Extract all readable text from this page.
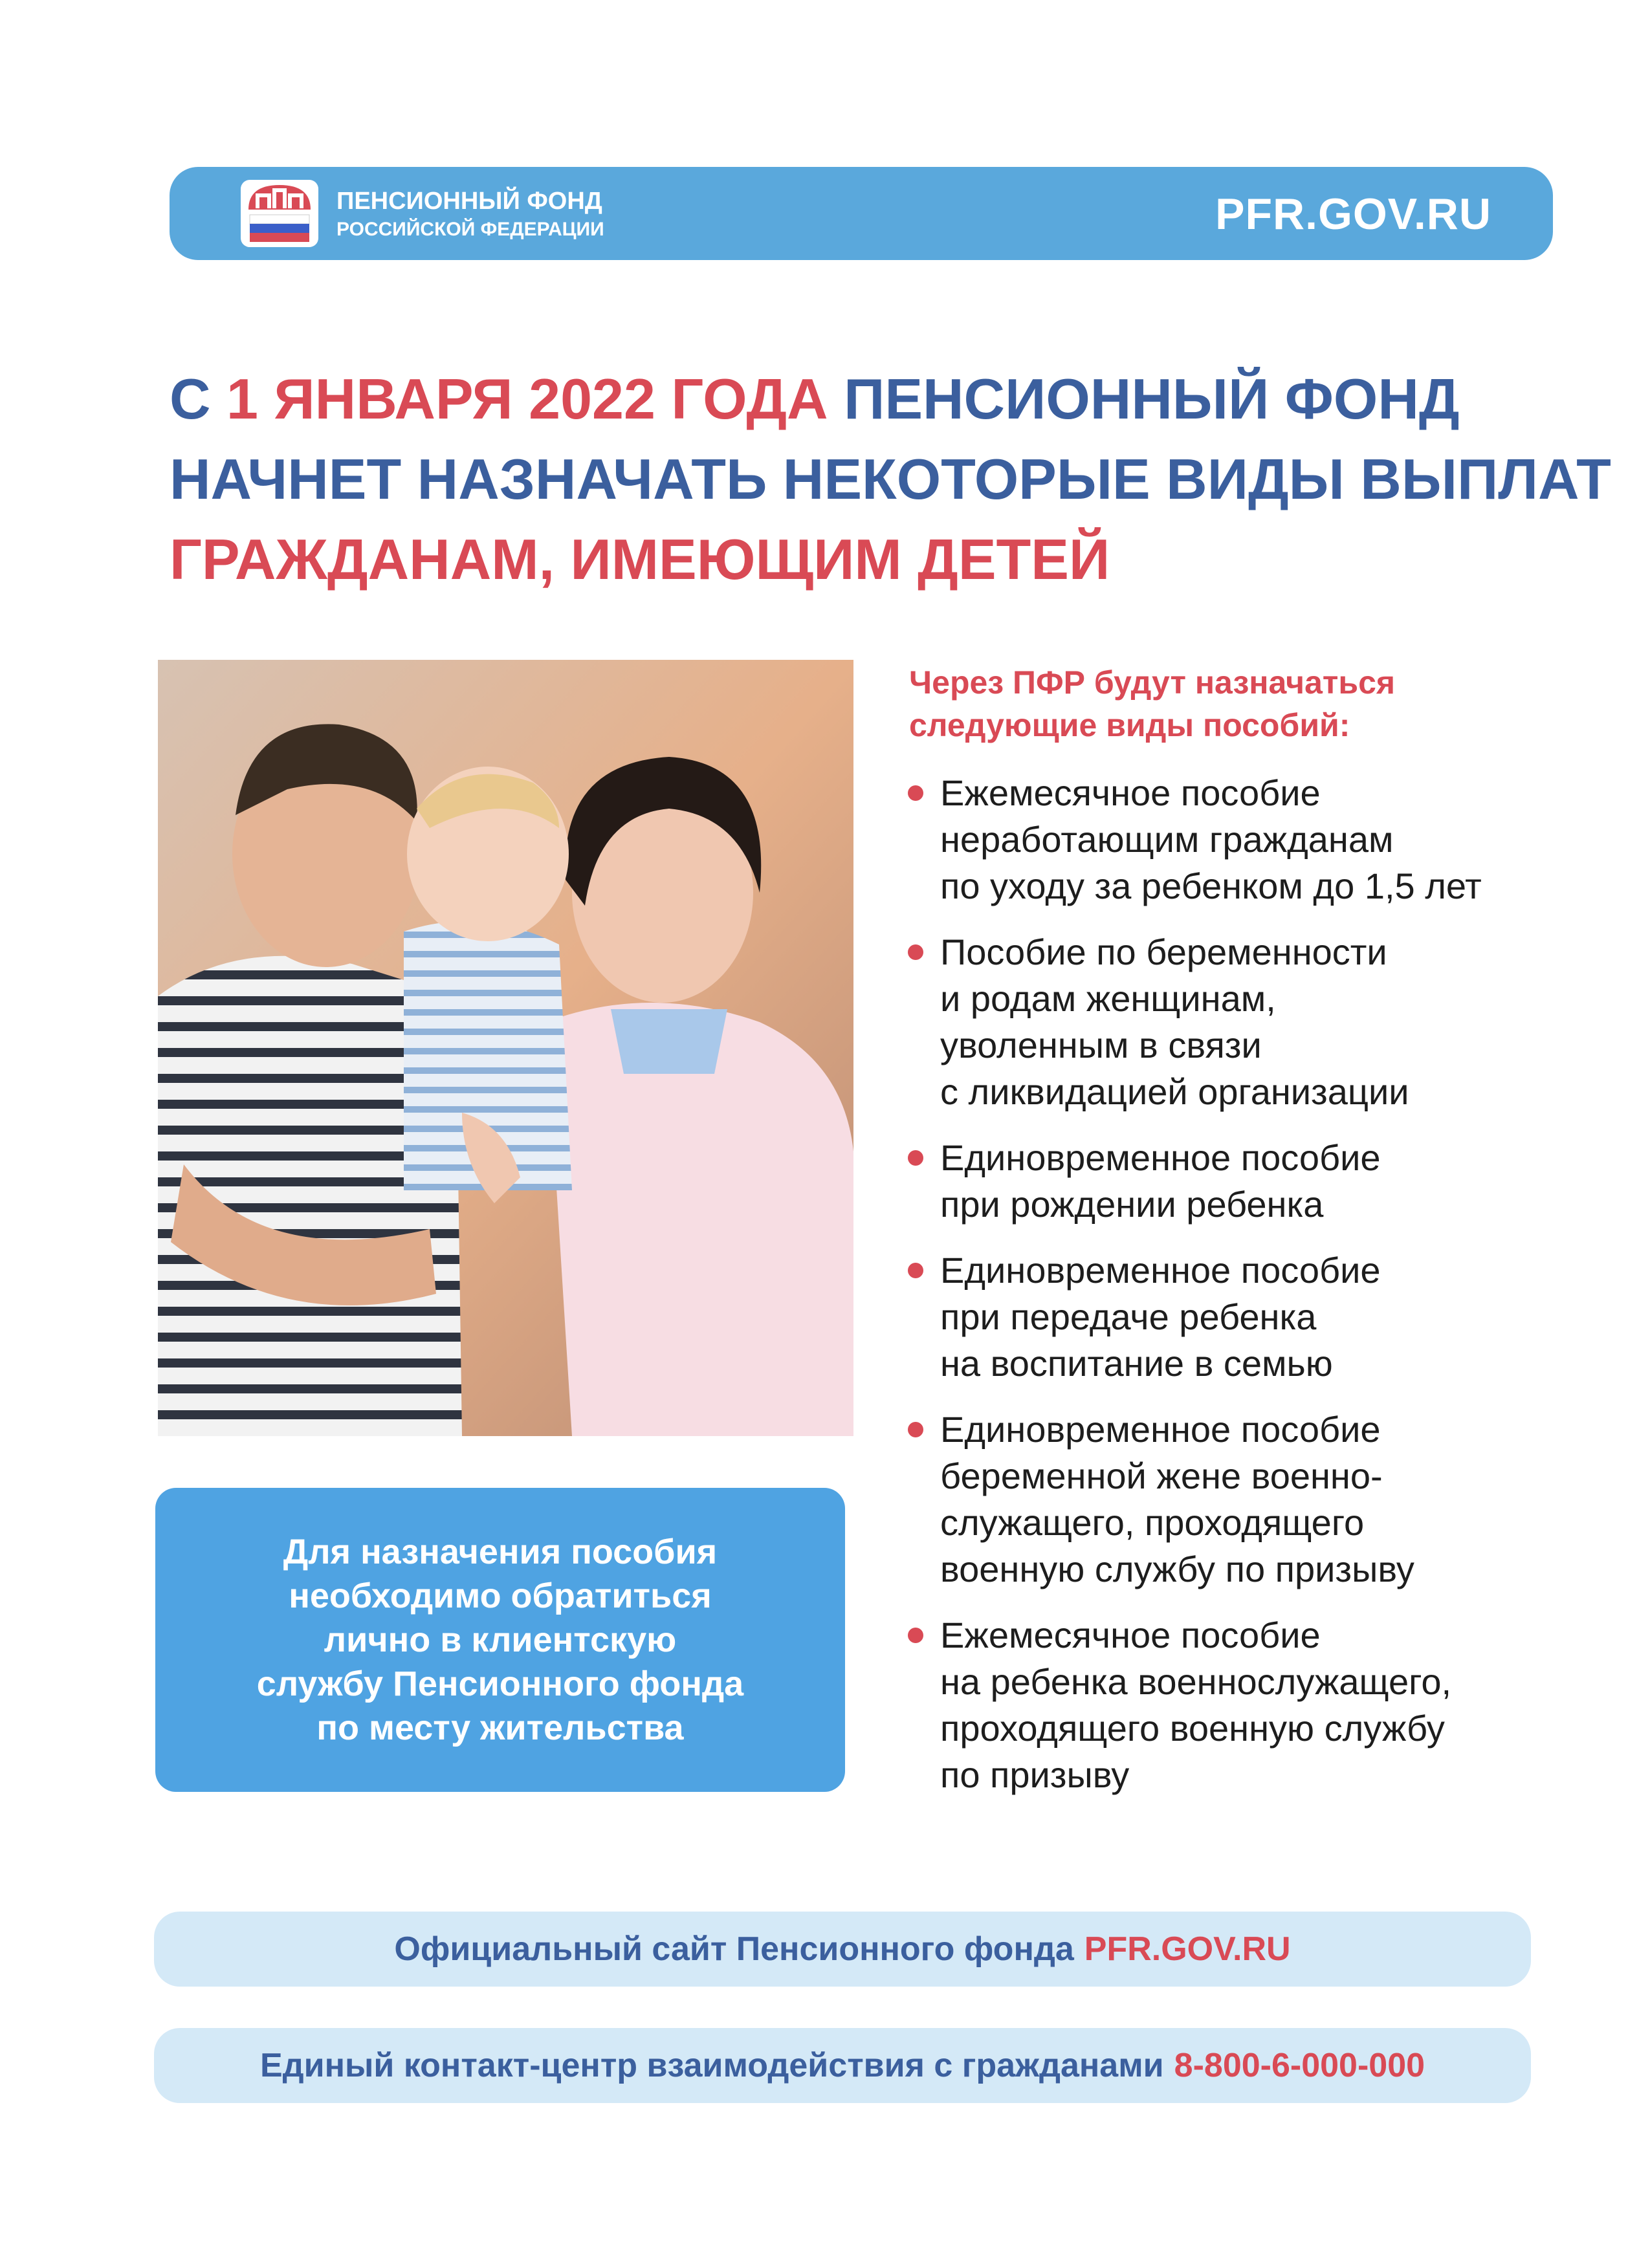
ПЕНСИОННЫЙ ФОНД
РОССИЙСКОЙ ФЕДЕРАЦИИ	PFR.GOV.RU
С 1 ЯНВАРЯ 2022 ГОДА ПЕНСИОННЫЙ ФОНД
НАЧНЕТ НАЗНАЧАТЬ НЕКОТОРЫЕ ВИДЫ ВЫПЛАТ
ГРАЖДАНАМ, ИМЕЮЩИМ ДЕТЕЙ
Для назначения пособия
необходимо обратиться
лично в клиентскую
службу Пенсионного фонда
по месту жительства
Через ПФР будут назначаться следующие виды пособий:
Ежемесячное пособие
неработающим гражданам
по уходу за ребенком до 1,5 лет
Пособие по беременности
и родам женщинам,
уволенным в связи
с ликвидацией организации
Единовременное пособие
при рождении ребенка
Единовременное пособие
при передаче ребенка
на воспитание в семью
Единовременное пособие
беременной жене военно-
служащего, проходящего
военную службу по призыву
Ежемесячное пособие
на ребенка военнослужащего,
проходящего военную службу
по призыву
Официальный сайт Пенсионного фонда PFR.GOV.RU
Единый контакт-центр взаимодействия с гражданами 8-800-6-000-000
